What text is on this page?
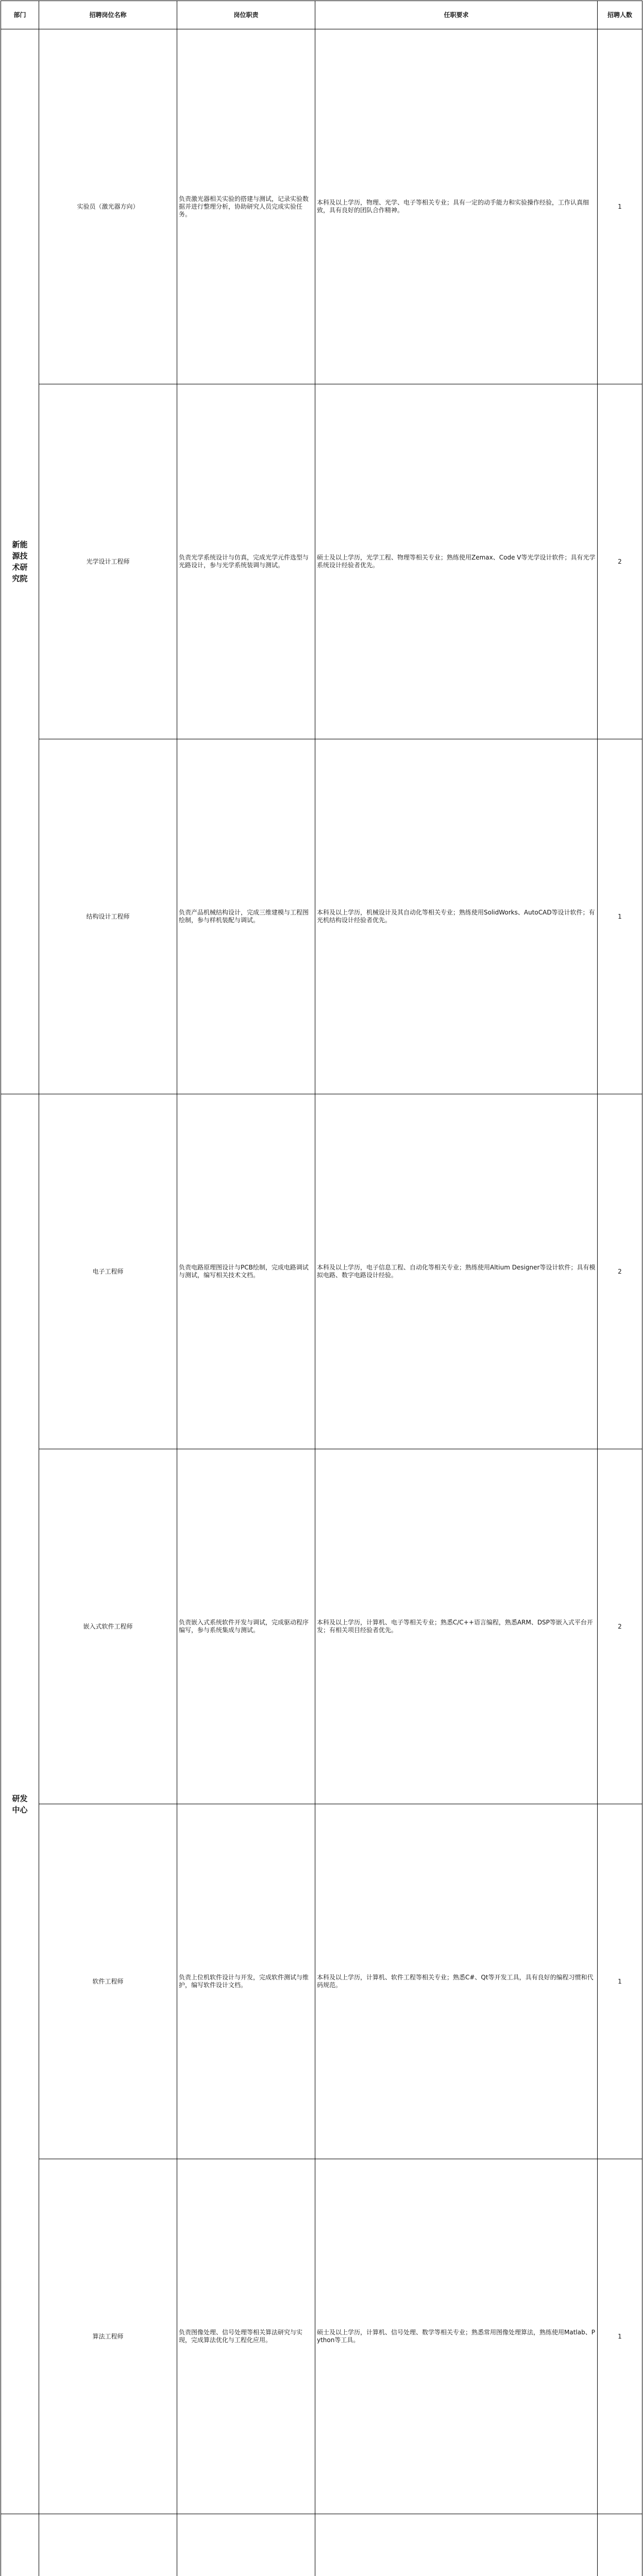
部门	招聘岗位名称	岗位职责	任职要求	招聘人数
新能源技术研究院	实验员（激光器方向）	负责激光器相关实验的搭建与测试，记录实验数据并进行整理分析，协助研究人员完成实验任务。	本科及以上学历，物理、光学、电子等相关专业；具有一定的动手能力和实验操作经验，工作认真细致，具有良好的团队合作精神。	1
	光学设计工程师	负责光学系统设计与仿真，完成光学元件选型与光路设计，参与光学系统装调与测试。	硕士及以上学历，光学工程、物理等相关专业；熟练使用Zemax、Code V等光学设计软件；具有光学系统设计经验者优先。	2
	结构设计工程师	负责产品机械结构设计，完成三维建模与工程图绘制，参与样机装配与调试。	本科及以上学历，机械设计及其自动化等相关专业；熟练使用SolidWorks、AutoCAD等设计软件；有光机结构设计经验者优先。	1
研发中心	电子工程师	负责电路原理图设计与PCB绘制，完成电路调试与测试，编写相关技术文档。	本科及以上学历，电子信息工程、自动化等相关专业；熟练使用Altium Designer等设计软件；具有模拟电路、数字电路设计经验。	2
	嵌入式软件工程师	负责嵌入式系统软件开发与调试，完成驱动程序编写，参与系统集成与测试。	本科及以上学历，计算机、电子等相关专业；熟悉C/C++语言编程，熟悉ARM、DSP等嵌入式平台开发；有相关项目经验者优先。	2
	软件工程师	负责上位机软件设计与开发，完成软件测试与维护，编写软件设计文档。	本科及以上学历，计算机、软件工程等相关专业；熟悉C#、Qt等开发工具，具有良好的编程习惯和代码规范。	1
	算法工程师	负责图像处理、信号处理等相关算法研究与实现，完成算法优化与工程化应用。	硕士及以上学历，计算机、信号处理、数学等相关专业；熟悉常用图像处理算法，熟练使用Matlab、Python等工具。	1
